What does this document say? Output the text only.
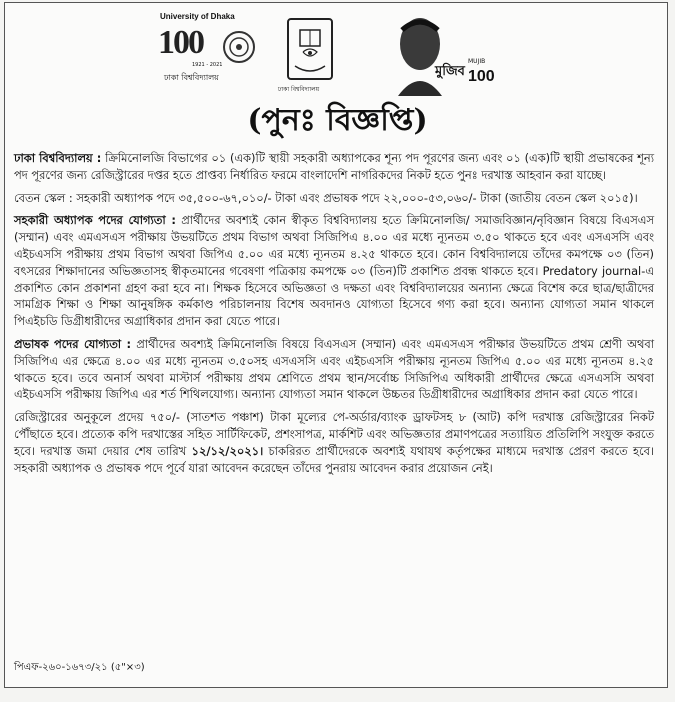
University of Dhaka
100
ঢাকা বিশ্ববিদ্যালয়
1921 - 2021
ঢাকা বিশ্ববিদ্যালয়
মুজিব
MUJIB
100
(পুনঃ বিজ্ঞপ্তি)

ঢাকা বিশ্ববিদ্যালয় : ক্রিমিনোলজি বিভাগের ০১ (এক)টি স্থায়ী সহকারী অধ্যাপকের শূন্য পদ পূরণের জন্য এবং ০১ (এক)টি স্থায়ী প্রভাষকের শূন্য পদ পূরণের জন্য রেজিস্ট্রারের দপ্তর হতে প্রাপ্তব্য নির্ধারিত ফরমে বাংলাদেশি নাগরিকদের নিকট হতে পুনঃ দরখাস্ত আহবান করা যাচ্ছে।

বেতন স্কেল : সহকারী অধ্যাপক পদে ৩৫,৫০০-৬৭,০১০/- টাকা এবং প্রভাষক পদে ২২,০০০-৫৩,০৬০/- টাকা (জাতীয় বেতন স্কেল ২০১৫)।

সহকারী অধ্যাপক পদের যোগ্যতা : প্রার্থীদের অবশ্যই কোন স্বীকৃত বিশ্ববিদ্যালয় হতে ক্রিমিনোলজি/ সমাজবিজ্ঞান/নৃবিজ্ঞান বিষয়ে বিএসএস (সম্মান) এবং এমএসএস পরীক্ষায় উভয়টিতে প্রথম বিভাগ অথবা সিজিপিএ ৪.০০ এর মধ্যে ন্যূনতম ৩.৫০ থাকতে হবে এবং এসএসসি এবং এইচএসসি পরীক্ষায় প্রথম বিভাগ অথবা জিপিএ ৫.০০ এর মধ্যে ন্যূনতম ৪.২৫ থাকতে হবে। কোন বিশ্ববিদ্যালয়ে তাঁদের কমপক্ষে ০৩ (তিন) বৎসরের শিক্ষাদানের অভিজ্ঞতাসহ স্বীকৃতমানের গবেষণা পত্রিকায় কমপক্ষে ০৩ (তিন)টি প্রকাশিত প্রবন্ধ থাকতে হবে। Predatory journal-এ প্রকাশিত কোন প্রকাশনা গ্রহণ করা হবে না। শিক্ষক হিসেবে অভিজ্ঞতা ও দক্ষতা এবং বিশ্ববিদ্যালয়ের অন্যান্য ক্ষেত্রে বিশেষ করে ছাত্র/ছাত্রীদের সামগ্রিক শিক্ষা ও শিক্ষা আনুষঙ্গিক কর্মকাণ্ড পরিচালনায় বিশেষ অবদানও যোগ্যতা হিসেবে গণ্য করা হবে। অন্যান্য যোগ্যতা সমান থাকলে পিএইচডি ডিগ্রীধারীদের অগ্রাধিকার প্রদান করা যেতে পারে।

প্রভাষক পদের যোগ্যতা : প্রার্থীদের অবশ্যই ক্রিমিনোলজি বিষয়ে বিএসএস (সম্মান) এবং এমএসএস পরীক্ষার উভয়টিতে প্রথম শ্রেণী অথবা সিজিপিএ এর ক্ষেত্রে ৪.০০ এর মধ্যে ন্যূনতম ৩.৫০সহ এসএসসি এবং এইচএসসি পরীক্ষায় ন্যূনতম জিপিএ ৫.০০ এর মধ্যে ন্যূনতম ৪.২৫ থাকতে হবে। তবে অনার্স অথবা মাস্টার্স পরীক্ষায় প্রথম শ্রেণিতে প্রথম স্থান/সর্বোচ্চ সিজিপিএ অধিকারী প্রার্থীদের ক্ষেত্রে এসএসসি অথবা এইচএসসি পরীক্ষায় জিপিএ এর শর্ত শিথিলযোগ্য। অন্যান্য যোগ্যতা সমান থাকলে উচ্চতর ডিগ্রীধারীদের অগ্রাধিকার প্রদান করা যেতে পারে।

রেজিস্ট্রারের অনুকূলে প্রদেয় ৭৫০/- (সাতশত পঞ্চাশ) টাকা মূল্যের পে-অর্ডার/ব্যাংক ড্রাফটসহ ৮ (আট) কপি দরখাস্ত রেজিস্ট্রারের নিকট পৌঁছাতে হবে। প্রত্যেক কপি দরখাস্তের সহিত সার্টিফিকেট, প্রশংসাপত্র, মার্কশিট এবং অভিজ্ঞতার প্রমাণপত্রের সত্যায়িত প্রতিলিপি সংযুক্ত করতে হবে। দরখাস্ত জমা দেয়ার শেষ তারিখ ১২/১২/২০২১। চাকরিরত প্রার্থীদেরকে অবশ্যই যথাযথ কর্তৃপক্ষের মাধ্যমে দরখাস্ত প্রেরণ করতে হবে। সহকারী অধ্যাপক ও প্রভাষক পদে পূর্বে যারা আবেদন করেছেন তাঁদের পুনরায় আবেদন করার প্রয়োজন নেই।

পিএফ-২৬০-১৬৭৩/২১ (৫"×৩)
